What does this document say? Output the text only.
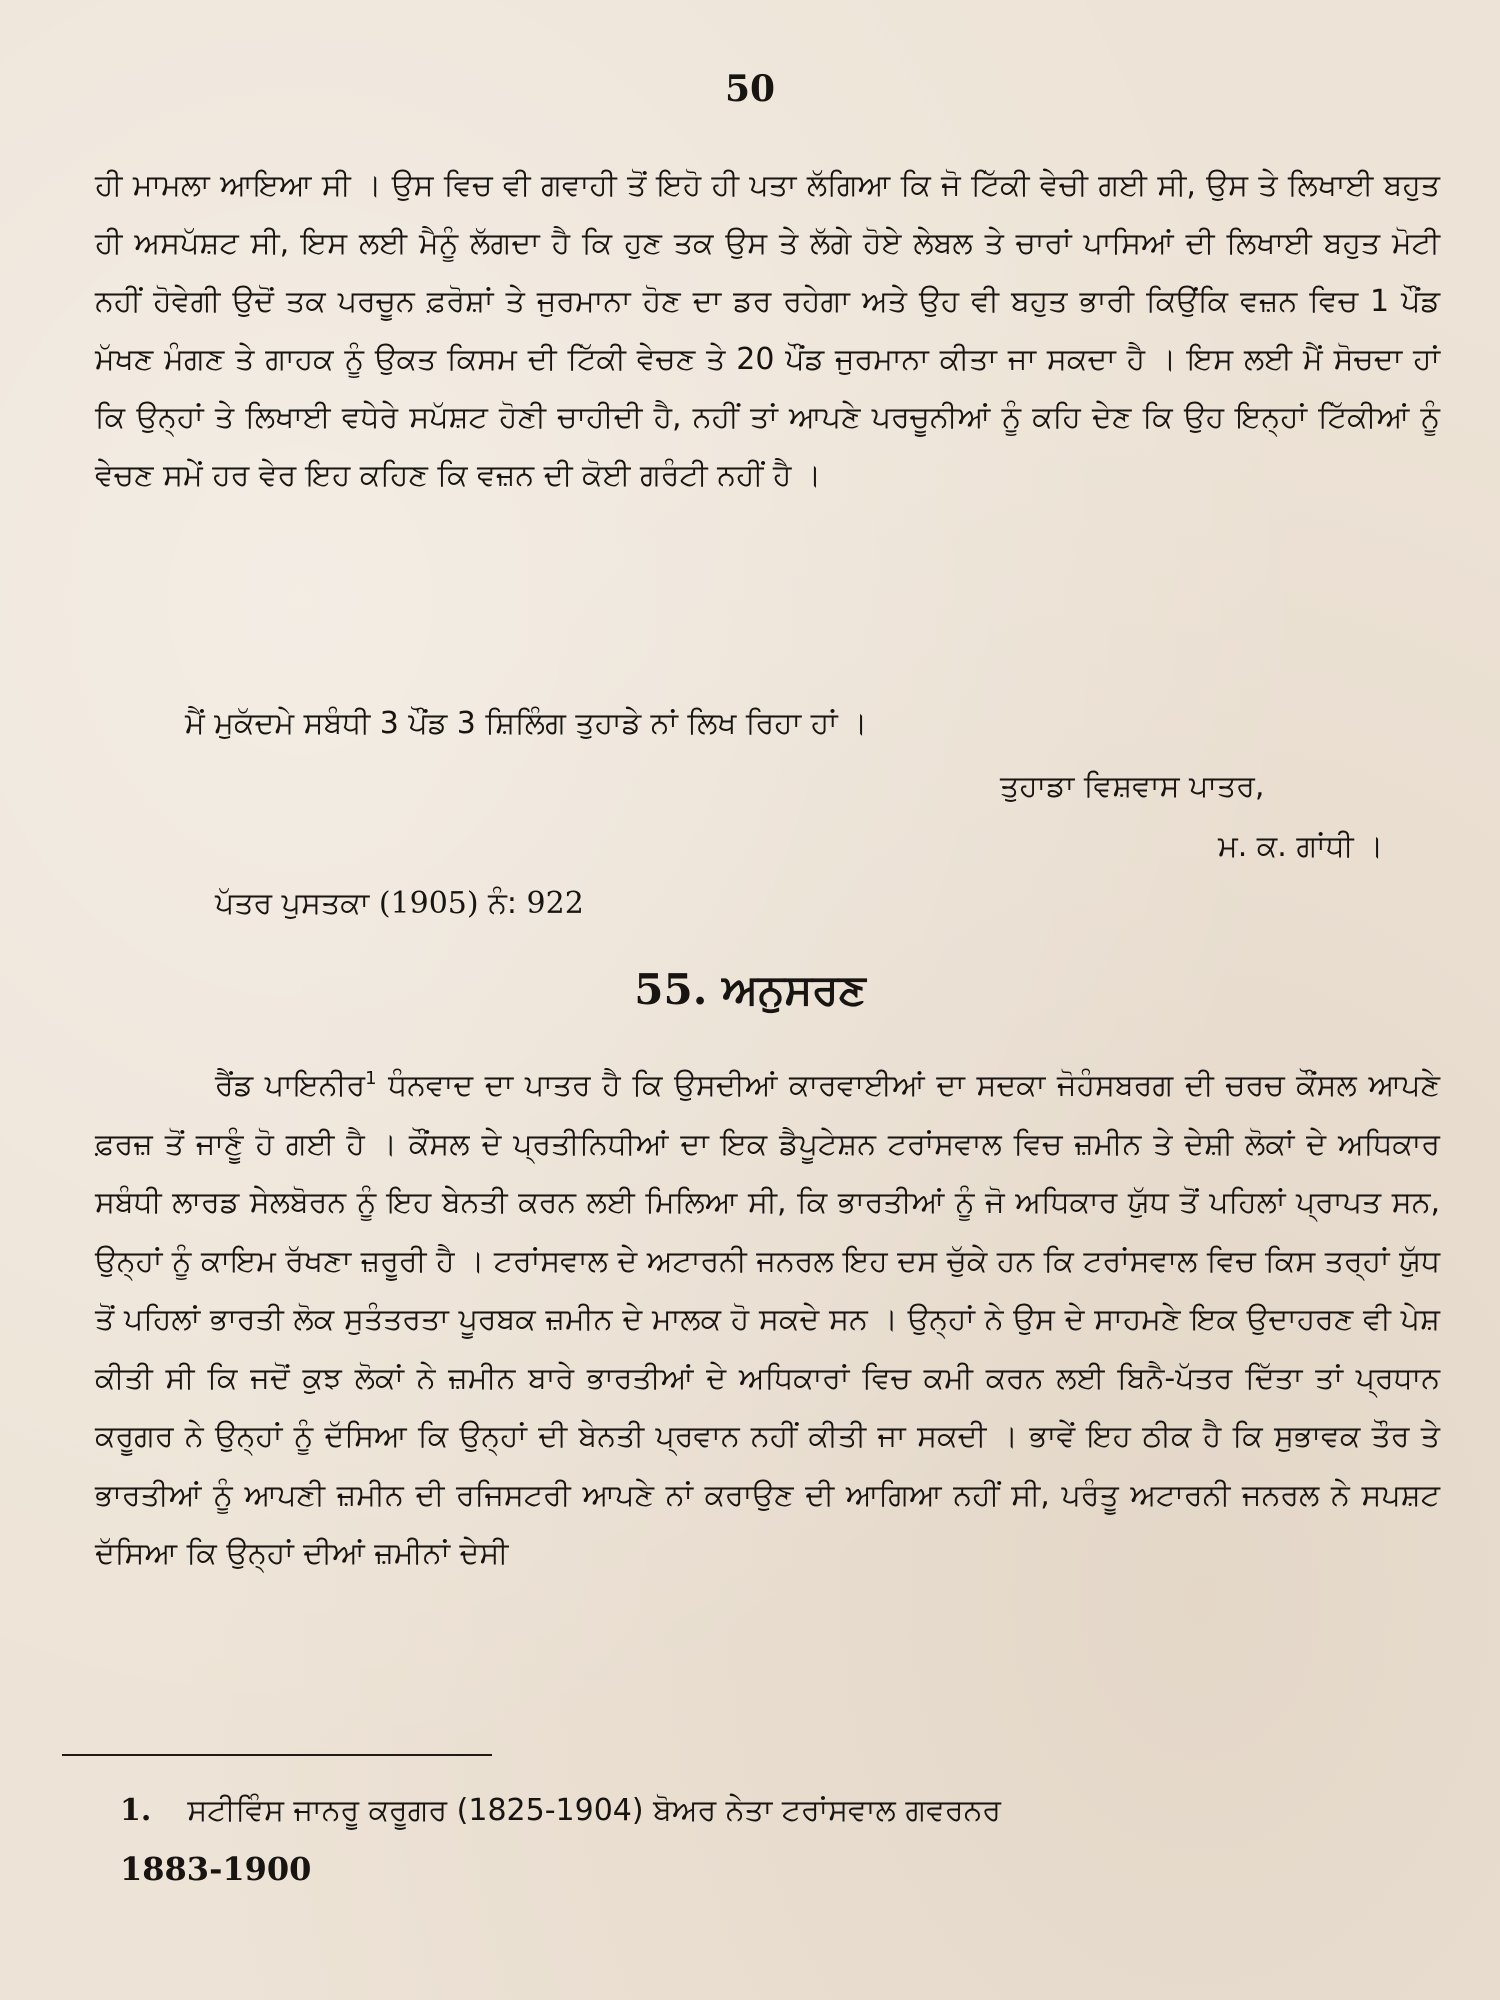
50
ਹੀ ਮਾਮਲਾ ਆਇਆ ਸੀ । ਉਸ ਵਿਚ ਵੀ ਗਵਾਹੀ ਤੋਂ ਇਹੋ ਹੀ ਪਤਾ ਲੱਗਿਆ ਕਿ ਜੋ ਟਿੱਕੀ ਵੇਚੀ ਗਈ ਸੀ, ਉਸ ਤੇ ਲਿਖਾਈ ਬਹੁਤ ਹੀ ਅਸਪੱਸ਼ਟ ਸੀ, ਇਸ ਲਈ ਮੈਨੂੰ ਲੱਗਦਾ ਹੈ ਕਿ ਹੁਣ ਤਕ ਉਸ ਤੇ ਲੱਗੇ ਹੋਏ ਲੇਬਲ ਤੇ ਚਾਰਾਂ ਪਾਸਿਆਂ ਦੀ ਲਿਖਾਈ ਬਹੁਤ ਮੋਟੀ ਨਹੀਂ ਹੋਵੇਗੀ ਉਦੋਂ ਤਕ ਪਰਚੂਨ ਫ਼ਰੋਸ਼ਾਂ ਤੇ ਜੁਰਮਾਨਾ ਹੋਣ ਦਾ ਡਰ ਰਹੇਗਾ ਅਤੇ ਉਹ ਵੀ ਬਹੁਤ ਭਾਰੀ ਕਿਉਂਕਿ ਵਜ਼ਨ ਵਿਚ 1 ਪੌਂਡ ਮੱਖਣ ਮੰਗਣ ਤੇ ਗਾਹਕ ਨੂੰ ਉਕਤ ਕਿਸਮ ਦੀ ਟਿੱਕੀ ਵੇਚਣ ਤੇ 20 ਪੌਂਡ ਜੁਰਮਾਨਾ ਕੀਤਾ ਜਾ ਸਕਦਾ ਹੈ । ਇਸ ਲਈ ਮੈਂ ਸੋਚਦਾ ਹਾਂ ਕਿ ਉਨ੍ਹਾਂ ਤੇ ਲਿਖਾਈ ਵਧੇਰੇ ਸਪੱਸ਼ਟ ਹੋਣੀ ਚਾਹੀਦੀ ਹੈ, ਨਹੀਂ ਤਾਂ ਆਪਣੇ ਪਰਚੂਨੀਆਂ ਨੂੰ ਕਹਿ ਦੇਣ ਕਿ ਉਹ ਇਨ੍ਹਾਂ ਟਿੱਕੀਆਂ ਨੂੰ ਵੇਚਣ ਸਮੇਂ ਹਰ ਵੇਰ ਇਹ ਕਹਿਣ ਕਿ ਵਜ਼ਨ ਦੀ ਕੋਈ ਗਰੰਟੀ ਨਹੀਂ ਹੈ ।
ਮੈਂ ਮੁਕੱਦਮੇ ਸਬੰਧੀ 3 ਪੌਂਡ 3 ਸ਼ਿਲਿੰਗ ਤੁਹਾਡੇ ਨਾਂ ਲਿਖ ਰਿਹਾ ਹਾਂ ।
ਤੁਹਾਡਾ ਵਿਸ਼ਵਾਸ ਪਾਤਰ,
ਮ. ਕ. ਗਾਂਧੀ ।
ਪੱਤਰ ਪੁਸਤਕਾ (1905) ਨੰ: 922
55. ਅਨੁਸਰਣ
ਰੈਂਡ ਪਾਇਨੀਰ$^1$ ਧੰਨਵਾਦ ਦਾ ਪਾਤਰ ਹੈ ਕਿ ਉਸਦੀਆਂ ਕਾਰਵਾਈਆਂ ਦਾ ਸਦਕਾ ਜੋਹੰਸਬਰਗ ਦੀ ਚਰਚ ਕੌਂਸਲ ਆਪਣੇ ਫ਼ਰਜ਼ ਤੋਂ ਜਾਣੂੰ ਹੋ ਗਈ ਹੈ । ਕੌਂਸਲ ਦੇ ਪ੍ਰਤੀਨਿਧੀਆਂ ਦਾ ਇਕ ਡੈਪੂਟੇਸ਼ਨ ਟਰਾਂਸਵਾਲ ਵਿਚ ਜ਼ਮੀਨ ਤੇ ਦੇਸ਼ੀ ਲੋਕਾਂ ਦੇ ਅਧਿਕਾਰ ਸਬੰਧੀ ਲਾਰਡ ਸੇਲਬੋਰਨ ਨੂੰ ਇਹ ਬੇਨਤੀ ਕਰਨ ਲਈ ਮਿਲਿਆ ਸੀ, ਕਿ ਭਾਰਤੀਆਂ ਨੂੰ ਜੋ ਅਧਿਕਾਰ ਯੁੱਧ ਤੋਂ ਪਹਿਲਾਂ ਪ੍ਰਾਪਤ ਸਨ, ਉਨ੍ਹਾਂ ਨੂੰ ਕਾਇਮ ਰੱਖਣਾ ਜ਼ਰੂਰੀ ਹੈ । ਟਰਾਂਸਵਾਲ ਦੇ ਅਟਾਰਨੀ ਜਨਰਲ ਇਹ ਦਸ ਚੁੱਕੇ ਹਨ ਕਿ ਟਰਾਂਸਵਾਲ ਵਿਚ ਕਿਸ ਤਰ੍ਹਾਂ ਯੁੱਧ ਤੋਂ ਪਹਿਲਾਂ ਭਾਰਤੀ ਲੋਕ ਸੁਤੰਤਰਤਾ ਪੂਰਬਕ ਜ਼ਮੀਨ ਦੇ ਮਾਲਕ ਹੋ ਸਕਦੇ ਸਨ । ਉਨ੍ਹਾਂ ਨੇ ਉਸ ਦੇ ਸਾਹਮਣੇ ਇਕ ਉਦਾਹਰਣ ਵੀ ਪੇਸ਼ ਕੀਤੀ ਸੀ ਕਿ ਜਦੋਂ ਕੁਝ ਲੋਕਾਂ ਨੇ ਜ਼ਮੀਨ ਬਾਰੇ ਭਾਰਤੀਆਂ ਦੇ ਅਧਿਕਾਰਾਂ ਵਿਚ ਕਮੀ ਕਰਨ ਲਈ ਬਿਨੈ-ਪੱਤਰ ਦਿੱਤਾ ਤਾਂ ਪ੍ਰਧਾਨ ਕਰੂਗਰ ਨੇ ਉਨ੍ਹਾਂ ਨੂੰ ਦੱਸਿਆ ਕਿ ਉਨ੍ਹਾਂ ਦੀ ਬੇਨਤੀ ਪ੍ਰਵਾਨ ਨਹੀਂ ਕੀਤੀ ਜਾ ਸਕਦੀ । ਭਾਵੇਂ ਇਹ ਠੀਕ ਹੈ ਕਿ ਸੁਭਾਵਕ ਤੌਰ ਤੇ ਭਾਰਤੀਆਂ ਨੂੰ ਆਪਣੀ ਜ਼ਮੀਨ ਦੀ ਰਜਿਸਟਰੀ ਆਪਣੇ ਨਾਂ ਕਰਾਉਣ ਦੀ ਆਗਿਆ ਨਹੀਂ ਸੀ, ਪਰੰਤੂ ਅਟਾਰਨੀ ਜਨਰਲ ਨੇ ਸਪਸ਼ਟ ਦੱਸਿਆ ਕਿ ਉਨ੍ਹਾਂ ਦੀਆਂ ਜ਼ਮੀਨਾਂ ਦੇਸੀ
1. ਸਟੀਵਿੰਸ ਜਾਨਰੂ ਕਰੂਗਰ (1825-1904) ਬੋਅਰ ਨੇਤਾ ਟਰਾਂਸਵਾਲ ਗਵਰਨਰ
1883-1900
